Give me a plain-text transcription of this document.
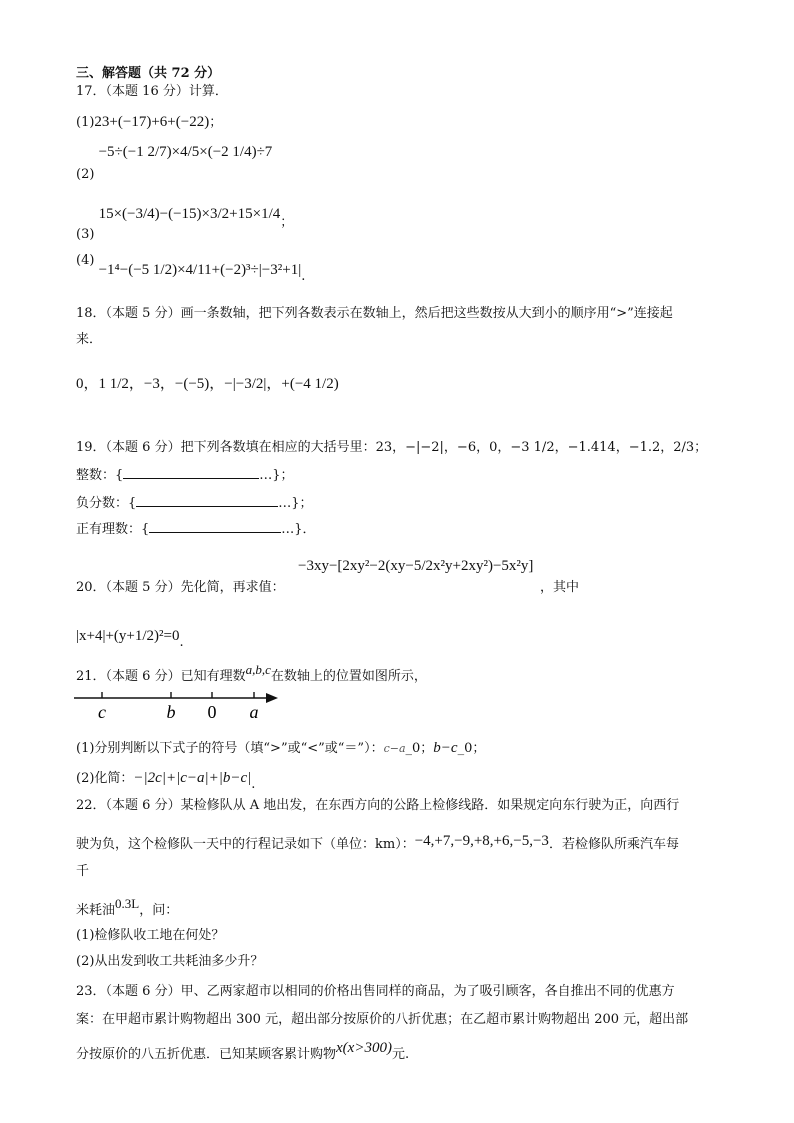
三、解答题（共 72 分）
17．（本题 16 分）计算．
(1)23+(−17)+6+(−22)；
(2) −5÷(−1 2/7)×4/5×(−2 1/4)÷7
(3) 15×(−3/4)−(−15)×3/2+15×1/4；
(4) −1⁴−(−5 1/2)×4/11+(−2)³÷|−3²+1|.
18．（本题 5 分）画一条数轴，把下列各数表示在数轴上，然后把这些数按从大到小的顺序用“>”连接起
来．
0，1 1/2，−3，−(−5)，−|−3/2|，+(−4 1/2)
19．（本题 6 分）把下列各数填在相应的大括号里：23，−|−2|，−6，0，−3 1/2，−1.414，−1.2，2/3；
整数：{	…}；
负分数：{	…}；
正有理数：{	…}．
−3xy−[2xy²−2(xy−5/2x²y+2xy²)−5x²y]
20．（本题 5 分）先化简，再求值：	，其中
|x+4|+(y+1/2)²=0.
21．（本题 6 分）已知有理数a,b,c在数轴上的位置如图所示，
c	b 0 a
(1)分别判断以下式子的符号（填“>”或“<”或“＝”）：c−a_0；b−c_0；
(2)化简：−|2c|+|c−a|+|b−c|.
22．（本题 6 分）某检修队从 A 地出发，在东西方向的公路上检修线路．如果规定向东行驶为正，向西行
驶为负，这个检修队一天中的行程记录如下（单位：km）：−4,+7,−9,+8,+6,−5,−3．若检修队所乘汽车每
千
米耗油0.3L，问：
(1)检修队收工地在何处？
(2)从出发到收工共耗油多少升？
23．（本题 6 分）甲、乙两家超市以相同的价格出售同样的商品，为了吸引顾客，各自推出不同的优惠方
案：在甲超市累计购物超出 300 元，超出部分按原价的八折优惠；在乙超市累计购物超出 200 元，超出部
分按原价的八五折优惠．已知某顾客累计购物x(x>300)元.
